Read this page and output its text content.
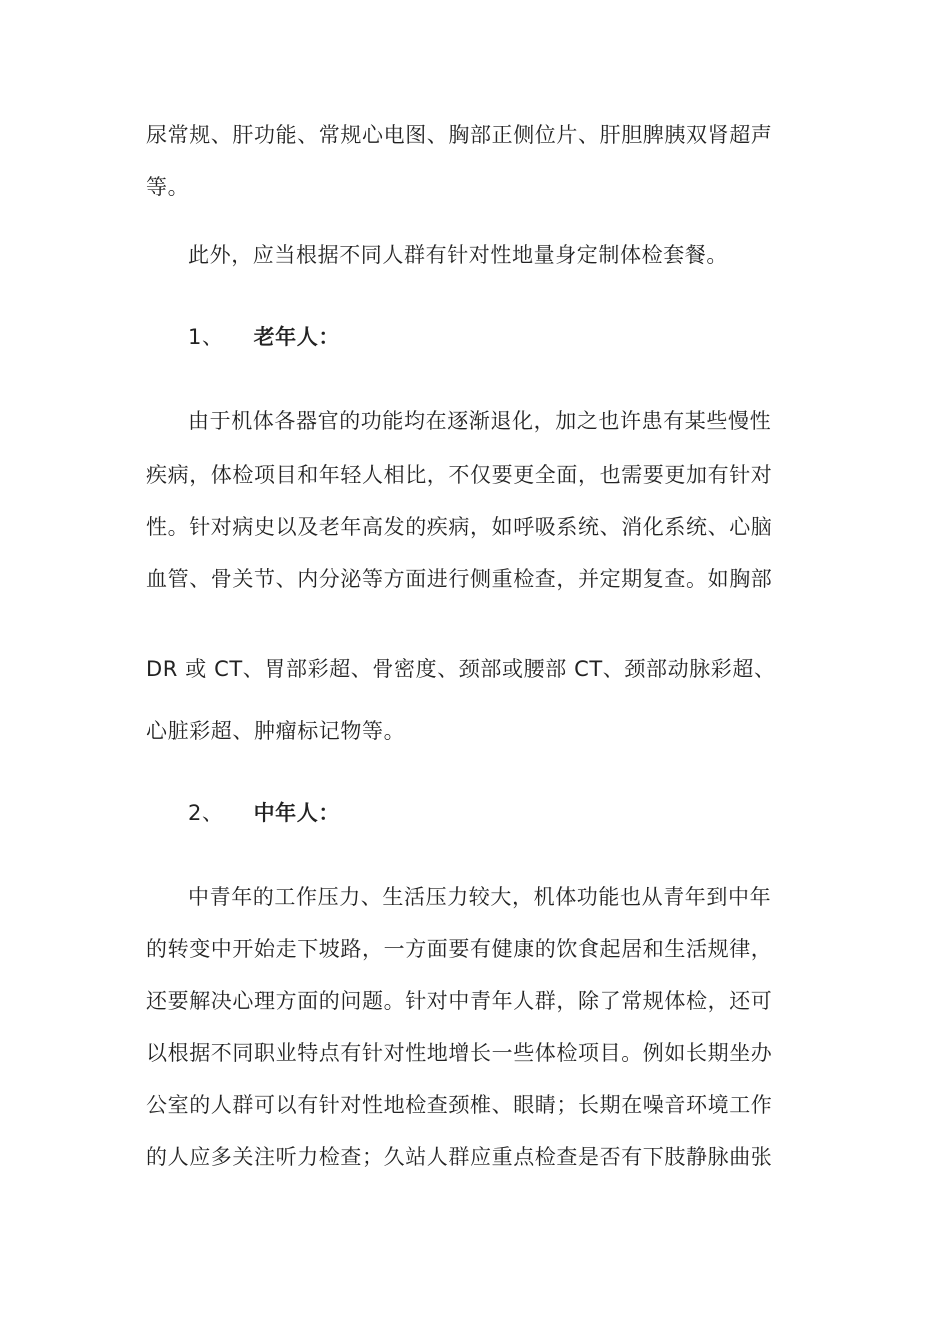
尿常规、肝功能、常规心电图、胸部正侧位片、肝胆脾胰双肾超声
等。
此外，应当根据不同人群有针对性地量身定制体检套餐。
1、 老年人：
由于机体各器官的功能均在逐渐退化，加之也许患有某些慢性
疾病，体检项目和年轻人相比，不仅要更全面，也需要更加有针对
性。针对病史以及老年高发的疾病，如呼吸系统、消化系统、心脑
血管、骨关节、内分泌等方面进行侧重检查，并定期复查。如胸部
DR 或 CT、胃部彩超、骨密度、颈部或腰部 CT、颈部动脉彩超、
心脏彩超、肿瘤标记物等。
2、 中年人：
中青年的工作压力、生活压力较大，机体功能也从青年到中年
的转变中开始走下坡路，一方面要有健康的饮食起居和生活规律，
还要解决心理方面的问题。针对中青年人群，除了常规体检，还可
以根据不同职业特点有针对性地增长一些体检项目。例如长期坐办
公室的人群可以有针对性地检查颈椎、眼睛；长期在噪音环境工作
的人应多关注听力检查；久站人群应重点检查是否有下肢静脉曲张
